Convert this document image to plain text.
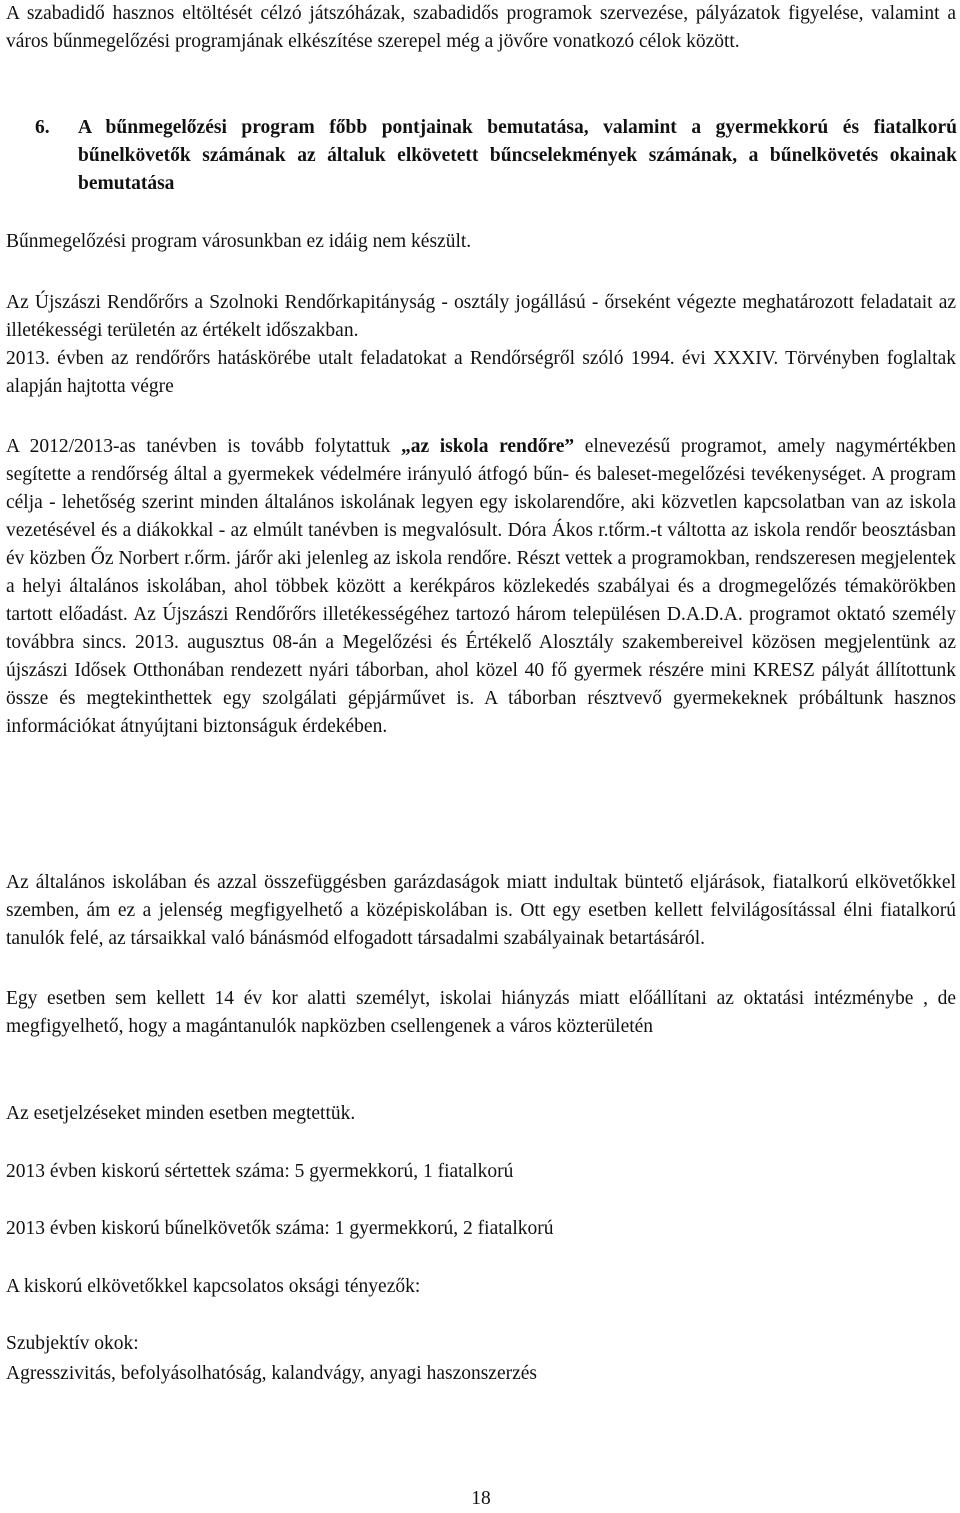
A szabadidő hasznos eltöltését célzó játszóházak, szabadidős programok szervezése, pályázatok figyelése, valamint a város bűnmegelőzési programjának elkészítése szerepel még a jövőre vonatkozó célok között.

6.	A bűnmegelőzési program főbb pontjainak bemutatása, valamint a gyermekkorú és fiatalkorú bűnelkövetők számának az általuk elkövetett bűncselekmények számának, a bűnelkövetés okainak bemutatása

Bűnmegelőzési program városunkban ez idáig nem készült.

Az Újszászi Rendőrőrs a Szolnoki Rendőrkapitányság - osztály jogállású - őrseként végezte meghatározott feladatait az illetékességi területén az értékelt időszakban.

2013. évben az rendőrőrs hatáskörébe utalt feladatokat a Rendőrségről szóló 1994. évi XXXIV. Törvényben foglaltak alapján hajtotta végre

A 2012/2013-as tanévben is tovább folytattuk „az iskola rendőre” elnevezésű programot, amely nagymértékben segítette a rendőrség által a gyermekek védelmére irányuló átfogó bűn- és baleset-megelőzési tevékenységet. A program célja - lehetőség szerint minden általános iskolának legyen egy iskolarendőre, aki közvetlen kapcsolatban van az iskola vezetésével és a diákokkal - az elmúlt tanévben is megvalósult. Dóra Ákos r.tőrm.-t váltotta az iskola rendőr beosztásban év közben Őz Norbert r.őrm. járőr aki jelenleg az iskola rendőre. Részt vettek a programokban, rendszeresen megjelentek a helyi általános iskolában, ahol többek között a kerékpáros közlekedés szabályai és a drogmegelőzés témakörökben tartott előadást. Az Újszászi Rendőrőrs illetékességéhez tartozó három településen D.A.D.A. programot oktató személy továbbra sincs. 2013. augusztus 08-án a Megelőzési és Értékelő Alosztály szakembereivel közösen megjelentünk az újszászi Idősek Otthonában rendezett nyári táborban, ahol közel 40 fő gyermek részére mini KRESZ pályát állítottunk össze és megtekinthettek egy szolgálati gépjárművet is. A táborban résztvevő gyermekeknek próbáltunk hasznos információkat átnyújtani biztonságuk érdekében.

Az általános iskolában és azzal összefüggésben garázdaságok miatt indultak büntető eljárások, fiatalkorú elkövetőkkel szemben, ám ez a jelenség megfigyelhető a középiskolában is. Ott egy esetben kellett felvilágosítással élni fiatalkorú tanulók felé, az társaikkal való bánásmód elfogadott társadalmi szabályainak betartásáról.

Egy esetben sem kellett 14 év kor alatti személyt, iskolai hiányzás miatt előállítani az oktatási intézménybe , de megfigyelhető, hogy a magántanulók napközben csellengenek a város közterületén

Az esetjelzéseket minden esetben megtettük.

2013 évben kiskorú sértettek száma: 5 gyermekkorú, 1 fiatalkorú

2013 évben kiskorú bűnelkövetők száma: 1 gyermekkorú, 2 fiatalkorú

A kiskorú elkövetőkkel kapcsolatos oksági tényezők:

Szubjektív okok:

Agresszivitás, befolyásolhatóság, kalandvágy, anyagi haszonszerzés

18
